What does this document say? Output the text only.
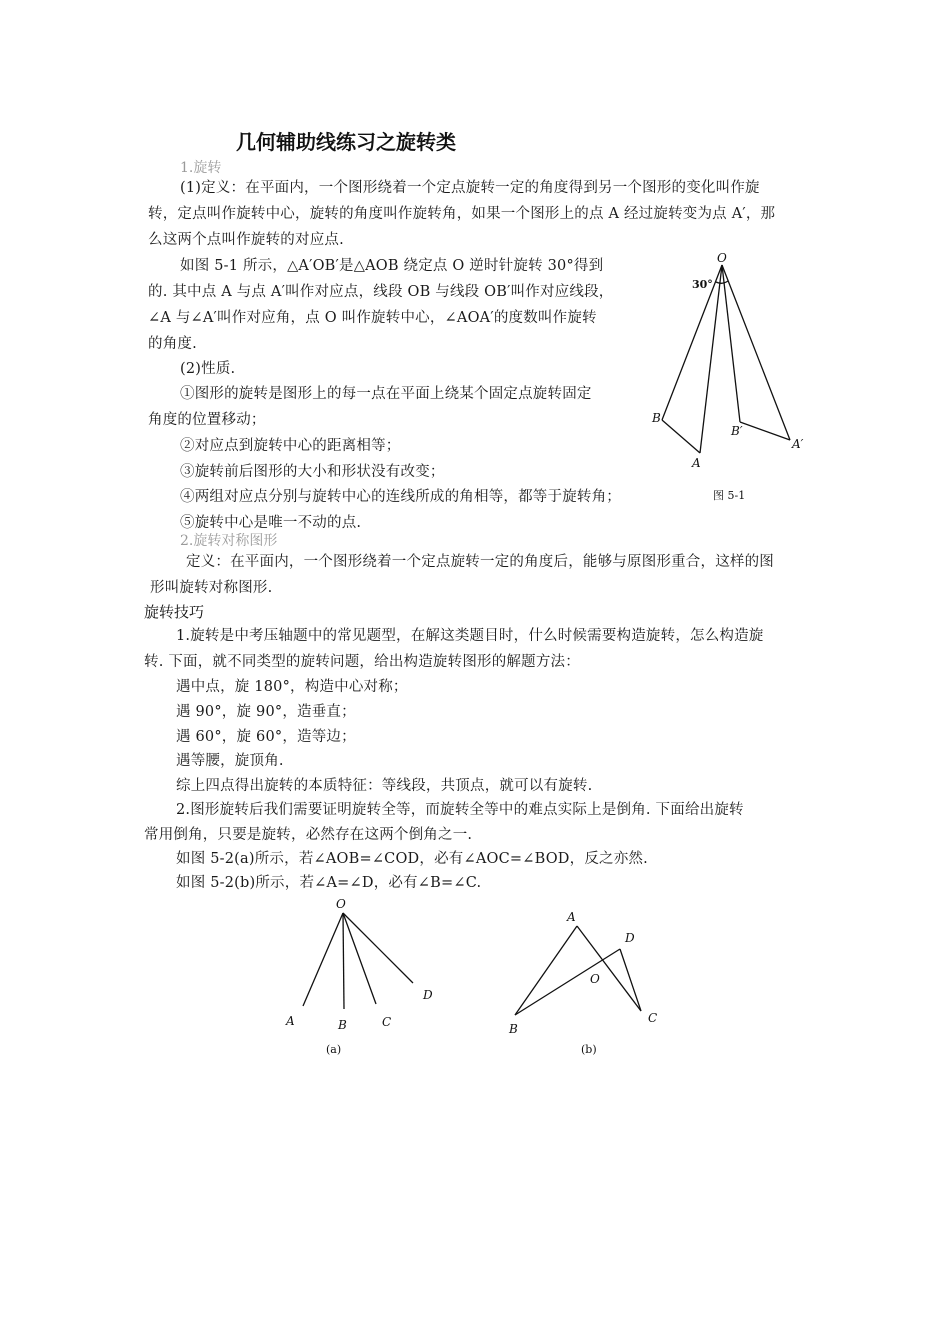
几何辅助线练习之旋转类
1.旋转
(1)定义：在平面内，一个图形绕着一个定点旋转一定的角度得到另一个图形的变化叫作旋
转，定点叫作旋转中心，旋转的角度叫作旋转角，如果一个图形上的点 A 经过旋转变为点 A′，那
么这两个点叫作旋转的对应点.
如图 5-1 所示，△A′OB′是△AOB 绕定点 O 逆时针旋转 30°得到
的. 其中点 A 与点 A′叫作对应点，线段 OB 与线段 OB′叫作对应线段，
∠A 与∠A′叫作对应角，点 O 叫作旋转中心，∠AOA′的度数叫作旋转
的角度.
(2)性质.
①图形的旋转是图形上的每一点在平面上绕某个固定点旋转固定
角度的位置移动；
②对应点到旋转中心的距离相等；
③旋转前后图形的大小和形状没有改变；
④两组对应点分别与旋转中心的连线所成的角相等，都等于旋转角；
⑤旋转中心是唯一不动的点.
O
30°
B
A
B′
A′
图 5-1
2.旋转对称图形
定义：在平面内，一个图形绕着一个定点旋转一定的角度后，能够与原图形重合，这样的图
形叫旋转对称图形.
旋转技巧
1.旋转是中考压轴题中的常见题型，在解这类题目时，什么时候需要构造旋转，怎么构造旋
转. 下面，就不同类型的旋转问题，给出构造旋转图形的解题方法：
遇中点，旋 180°，构造中心对称；
遇 90°，旋 90°，造垂直；
遇 60°，旋 60°，造等边；
遇等腰，旋顶角.
综上四点得出旋转的本质特征：等线段，共顶点，就可以有旋转.
2.图形旋转后我们需要证明旋转全等，而旋转全等中的难点实际上是倒角. 下面给出旋转
常用倒角，只要是旋转，必然存在这两个倒角之一.
如图 5-2(a)所示，若∠AOB=∠COD，必有∠AOC=∠BOD，反之亦然.
如图 5-2(b)所示，若∠A=∠D，必有∠B=∠C.
O
A	B	C
D
(a)
A
D
O
B
C
(b)
